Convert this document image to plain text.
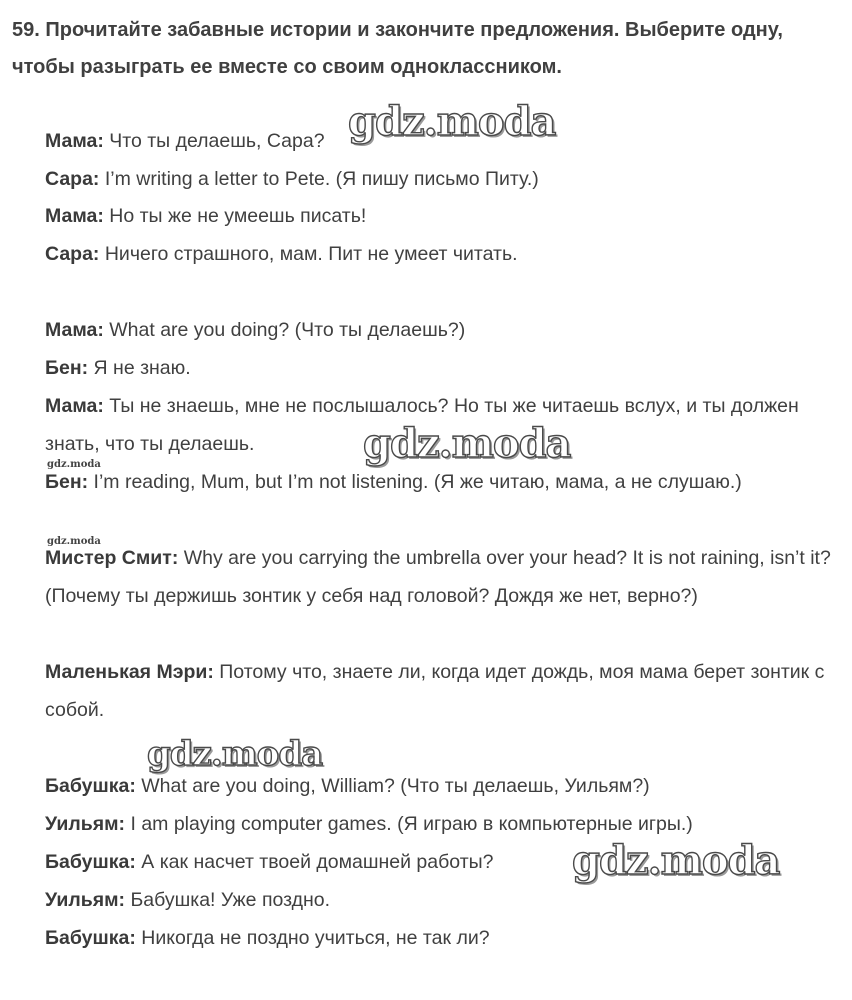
59. Прочитайте забавные истории и закончите предложения. Выберите одну, чтобы разыграть ее вместе со своим одноклассником.
Мама: Что ты делаешь, Сара?
Сара: I’m writing a letter to Pete. (Я пишу письмо Питу.)
Мама: Но ты же не умеешь писать!
Сара: Ничего страшного, мам. Пит не умеет читать.
Мама: What are you doing? (Что ты делаешь?)
Бен: Я не знаю.
Мама: Ты не знаешь, мне не послышалось? Но ты же читаешь вслух, и ты должен знать, что ты делаешь.
Бен: I’m reading, Mum, but I’m not listening. (Я же читаю, мама, а не слушаю.)
Мистер Смит: Why are you carrying the umbrella over your head? It is not raining, isn’t it? (Почему ты держишь зонтик у себя над головой? Дождя же нет, верно?)
Маленькая Мэри: Потому что, знаете ли, когда идет дождь, моя мама берет зонтик с собой.
Бабушка: What are you doing, William? (Что ты делаешь, Уильям?)
Уильям: I am playing computer games. (Я играю в компьютерные игры.)
Бабушка: А как насчет твоей домашней работы?
Уильям: Бабушка! Уже поздно.
Бабушка: Никогда не поздно учиться, не так ли?
gdz.moda
gdz.moda
gdz.moda
gdz.moda
gdz.moda
gdz.moda
